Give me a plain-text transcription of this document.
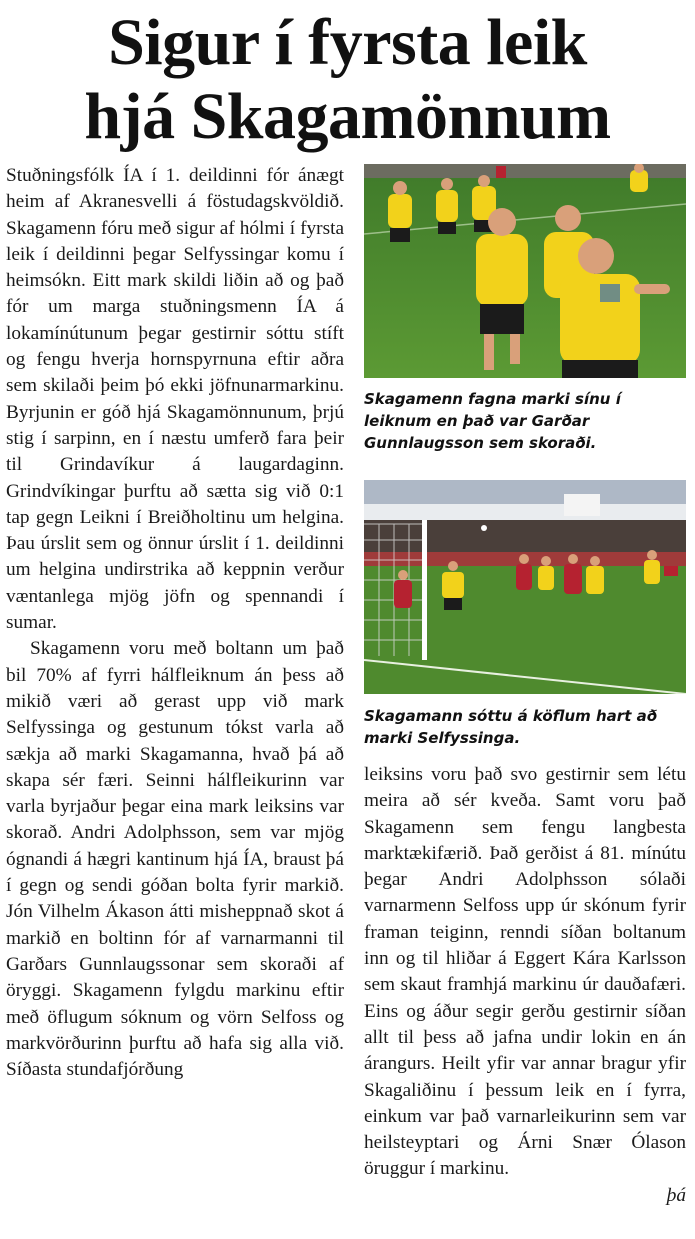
Sigur í fyrsta leik
hjá Skagamönnum

Stuðningsfólk ÍA í 1. deildinni fór ánægt heim af Akranesvelli á föstudagskvöldið. Skagamenn fóru með sigur af hólmi í fyrsta leik í deildinni þegar Selfyssingar komu í heimsókn. Eitt mark skildi liðin að og það fór um marga stuðningsmenn ÍA á lokamínútunum þegar gestirnir sóttu stíft og fengu hverja hornspyrnuna eftir aðra sem skilaði þeim þó ekki jöfnunarmarkinu. Byrjunin er góð hjá Skagamönnunum, þrjú stig í sarpinn, en í næstu umferð fara þeir til Grindavíkur á laugardaginn. Grindvíkingar þurftu að sætta sig við 0:1 tap gegn Leikni í Breiðholtinu um helgina. Þau úrslit sem og önnur úrslit í 1. deildinni um helgina undirstrika að keppnin verður væntanlega mjög jöfn og spennandi í sumar.

Skagamenn voru með boltann um það bil 70% af fyrri hálfleiknum án þess að mikið væri að gerast upp við mark Selfyssinga og gestunum tókst varla að sækja að marki Skagamanna, hvað þá að skapa sér færi. Seinni hálfleikurinn var varla byrjaður þegar eina mark leiksins var skorað. Andri Adolphsson, sem var mjög ógnandi á hægri kantinum hjá ÍA, braust þá í gegn og sendi góðan bolta fyrir markið. Jón Vilhelm Ákason átti misheppnað skot á markið en boltinn fór af varnarmanni til Garðars Gunnlaugssonar sem skoraði af öryggi. Skagamenn fylgdu markinu eftir með öflugum sóknum og vörn Selfoss og markvörðurinn þurftu að hafa sig alla við. Síðasta stundafjórðung

Skagamenn fagna marki sínu í leiknum en það var Garðar Gunnlaugsson sem skoraði.
Skagamann sóttu á köflum hart að marki Selfyssinga.

leiksins voru það svo gestirnir sem létu meira að sér kveða. Samt voru það Skagamenn sem fengu langbesta marktækifærið. Það gerðist á 81. mínútu þegar Andri Adolphsson sólaði varnarmenn Selfoss upp úr skónum fyrir framan teiginn, renndi síðan boltanum inn og til hliðar á Eggert Kára Karlsson sem skaut framhjá markinu úr dauðafæri. Eins og áður segir gerðu gestirnir síðan allt til þess að jafna undir lokin en án árangurs. Heilt yfir var annar bragur yfir Skagaliðinu í þessum leik en í fyrra, einkum var það varnarleikurinn sem var heilsteyptari og Árni Snær Ólason öruggur í markinu.

þá
